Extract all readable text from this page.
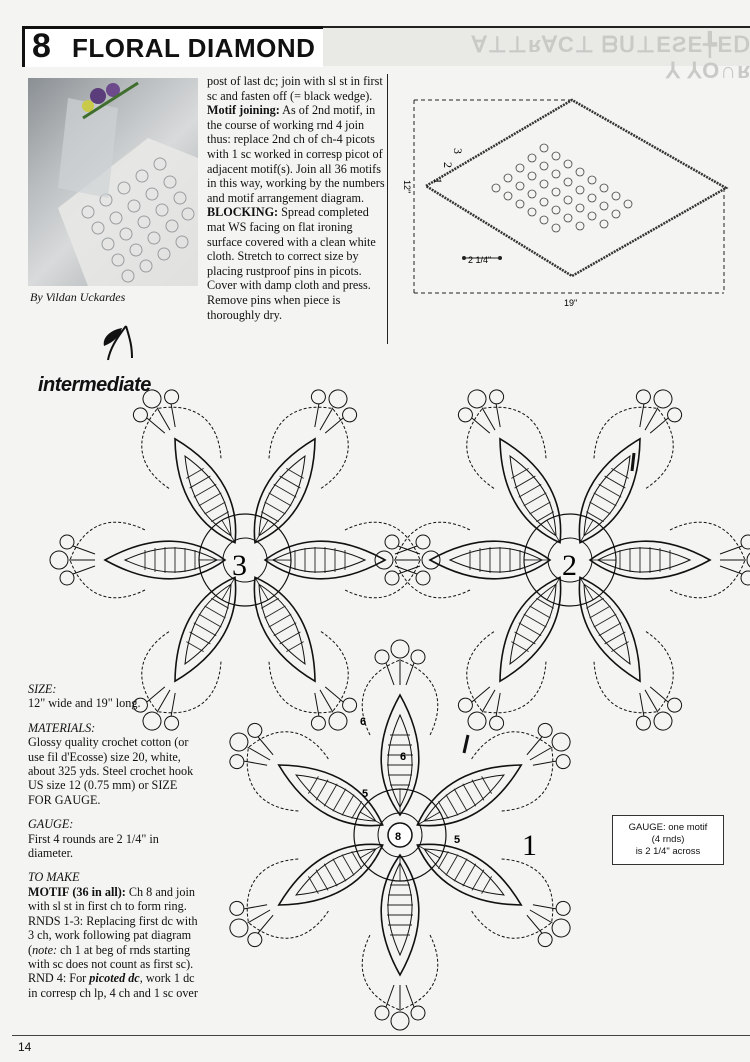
ᗡƎ╃ƎSƎ⊥ᑌᗺ ⊥ƆⱯᴚ⊥⊥Ɐ ᴚ∩O⅄ ⅄
8 FLORAL DIAMOND
By Vildan Uckardes

post of last dc; join with sl st in first sc and fasten off (= black wedge). Motif joining: As of 2nd motif, in the course of working rnd 4 join thus: replace 2nd ch of ch-4 picots with 1 sc worked in corresp picot of adjacent motif(s). Join all 36 motifs in this way, working by the numbers and motif arrangement diagram.

BLOCKING: Spread completed mat WS facing on flat ironing surface covered with a clean white cloth. Stretch to correct size by placing rustproof pins in picots. Cover with damp cloth and press. Remove pins when piece is thoroughly dry.

2 1/4"
19"
12" 1
2
3
intermediate
3	2
1
8
6
5
5
6

SIZE:

12" wide and 19" long.

MATERIALS:

Glossy quality crochet cotton (or use fil d'Ecosse) size 20, white, about 325 yds. Steel crochet hook US size 12 (0.75 mm) or SIZE FOR GAUGE.

GAUGE:

First 4 rounds are 2 1/4" in diameter.

TO MAKE

MOTIF (36 in all): Ch 8 and join with sl st in first ch to form ring. RNDS 1-3: Replacing first dc with 3 ch, work following pat diagram (note: ch 1 at beg of rnds starting with sc does not count as first sc). RND 4: For picoted dc, work 1 dc in corresp ch lp, 4 ch and 1 sc over

GAUGE: one motif
(4 rnds)
is 2 1/4" across
14
